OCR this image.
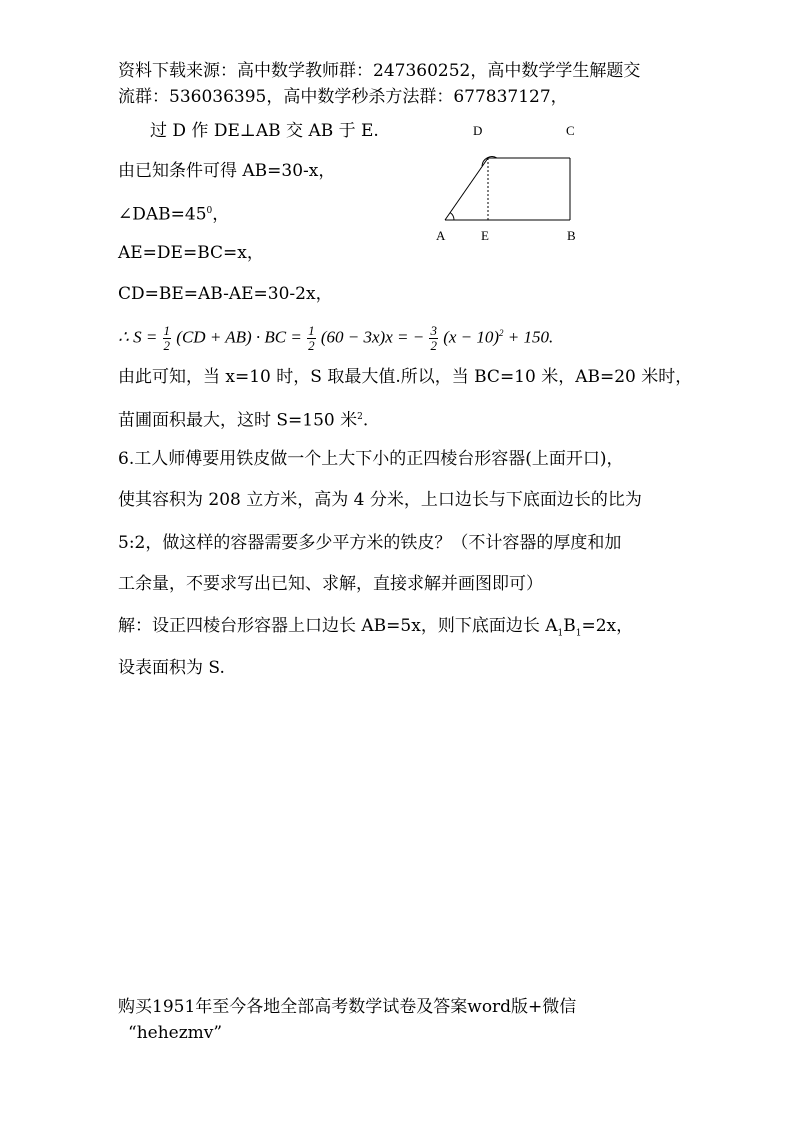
资料下载来源：高中数学教师群：247360252，高中数学学生解题交
流群：536036395，高中数学秒杀方法群：677837127，
过 D 作 DE⊥AB 交 AB 于 E.
由已知条件可得 AB=30-x，
$\angle DAB=45^0$，
AE=DE=BC=x，
CD=BE=AB-AE=30-2x，
∴ $S = \frac{1}{2} (CD + AB)$ · BC = $\frac{1}{2} (60 - 3x)x$ = − $\frac{3}{2} (x - 10)^2 + 150$.
由此可知，当 x=10 时，S 取最大值.所以，当 BC=10 米，AB=20 米时，
苗圃面积最大，这时 S=150 米$^2$.
D	C
A	E	B
6.工人师傅要用铁皮做一个上大下小的正四棱台形容器(上面开口)，
使其容积为 208 立方米，高为 4 分米，上口边长与下底面边长的比为
5:2，做这样的容器需要多少平方米的铁皮？（不计容器的厚度和加
工余量，不要求写出已知、求解，直接求解并画图即可）
解：设正四棱台形容器上口边长 AB=5x，则下底面边长 $A_1B_1=2x$，
设表面积为 S.
购买1951年至今各地全部高考数学试卷及答案word版+微信
“hehezmv”
